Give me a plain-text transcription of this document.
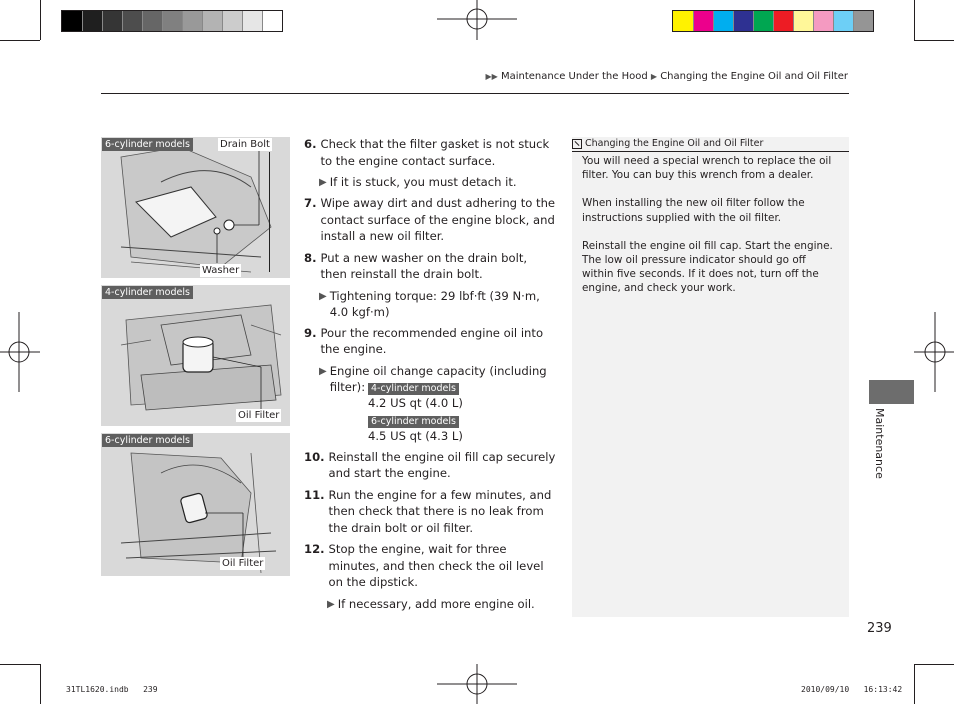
▶▶ Maintenance Under the Hood ▶ Changing the Engine Oil and Oil Filter
6-cylinder models	Drain Bolt
Washer
4-cylinder models
Oil Filter
6-cylinder models
Oil Filter
6. Check that the filter gasket is not stuck to the engine contact surface.
▶ If it is stuck, you must detach it.
7. Wipe away dirt and dust adhering to the contact surface of the engine block, and install a new oil filter.
8. Put a new washer on the drain bolt, then reinstall the drain bolt.
▶ Tightening torque: 29 lbf·ft (39 N·m, 4.0 kgf·m)
9. Pour the recommended engine oil into the engine.
▶ Engine oil change capacity (including filter): 4-cylinder models
4.2 US qt (4.0 L)
6-cylinder models
4.5 US qt (4.3 L)
10. Reinstall the engine oil fill cap securely and start the engine.
11. Run the engine for a few minutes, and then check that there is no leak from the drain bolt or oil filter.
12. Stop the engine, wait for three minutes, and then check the oil level on the dipstick.
▶ If necessary, add more engine oil.
Changing the Engine Oil and Oil Filter

You will need a special wrench to replace the oil filter. You can buy this wrench from a dealer.

When installing the new oil filter follow the instructions supplied with the oil filter.

Reinstall the engine oil fill cap. Start the engine.

The low oil pressure indicator should go off within five seconds. If it does not, turn off the engine, and check your work.

Maintenance
239
31TL1620.indb   239	2010/09/10   16:13:42
